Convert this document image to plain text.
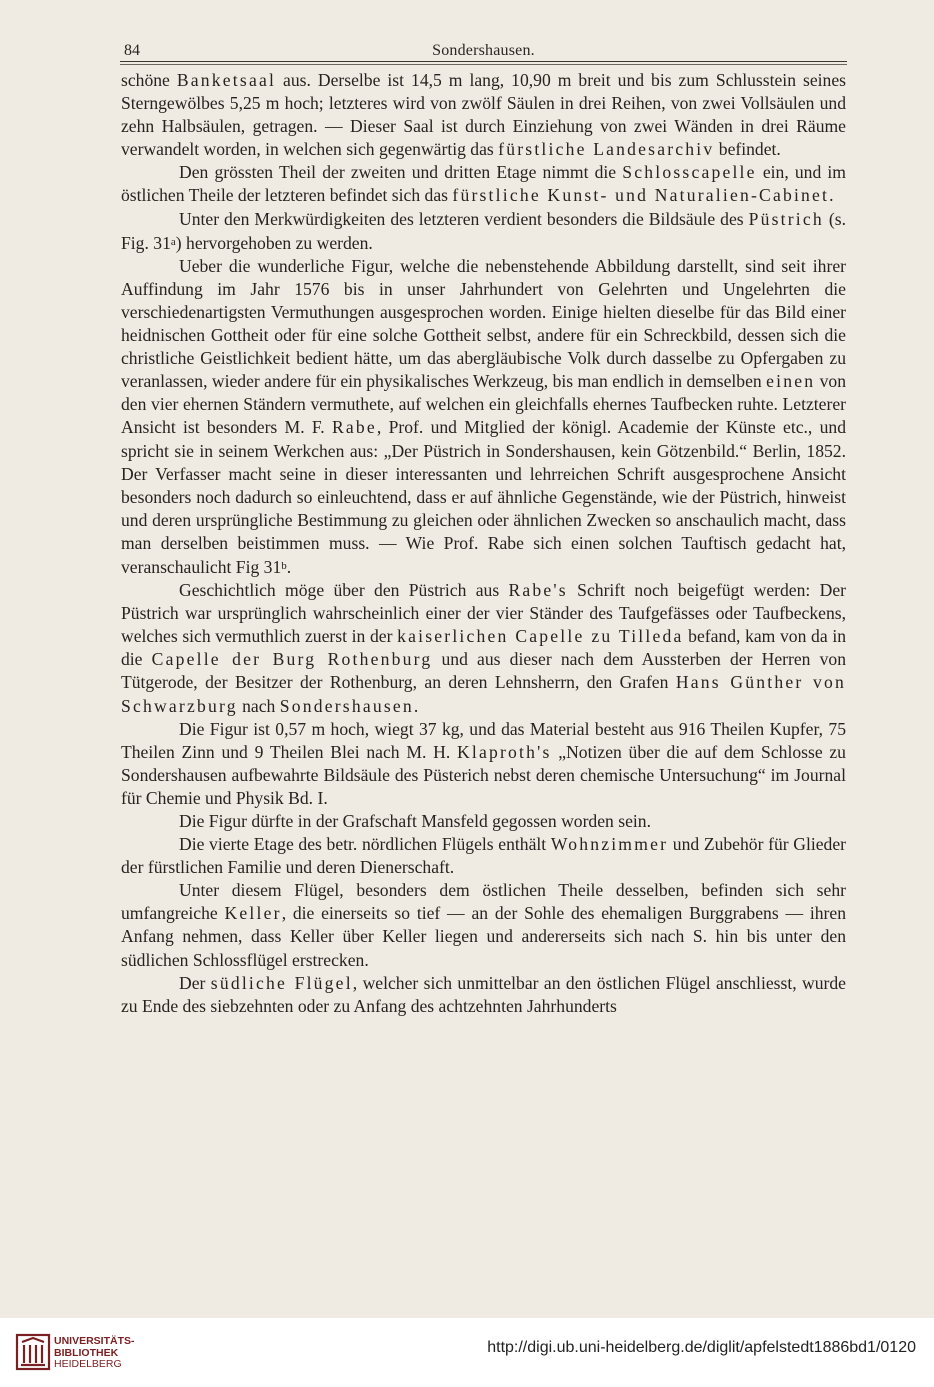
84	Sondershausen.

schöne Banketsaal aus. Derselbe ist 14,5 m lang, 10,90 m breit und bis zum Schlusstein seines Sterngewölbes 5,25 m hoch; letzteres wird von zwölf Säulen in drei Reihen, von zwei Vollsäulen und zehn Halbsäulen, getragen. — Dieser Saal ist durch Einziehung von zwei Wänden in drei Räume verwandelt worden, in welchen sich gegenwärtig das fürstliche Landesarchiv befindet.

Den grössten Theil der zweiten und dritten Etage nimmt die Schlosscapelle ein, und im östlichen Theile der letzteren befindet sich das fürstliche Kunst- und Naturalien-Cabinet.

Unter den Merkwürdigkeiten des letzteren verdient besonders die Bildsäule des Püstrich (s. Fig. 31$^a$) hervorgehoben zu werden.

Ueber die wunderliche Figur, welche die nebenstehende Abbildung darstellt, sind seit ihrer Auffindung im Jahr 1576 bis in unser Jahrhundert von Gelehrten und Ungelehrten die verschiedenartigsten Vermuthungen ausgesprochen worden. Einige hielten dieselbe für das Bild einer heidnischen Gottheit oder für eine solche Gottheit selbst, andere für ein Schreckbild, dessen sich die christliche Geistlichkeit bedient hätte, um das abergläubische Volk durch dasselbe zu Opfergaben zu veranlassen, wieder andere für ein physikalisches Werkzeug, bis man endlich in demselben einen von den vier ehernen Ständern vermuthete, auf welchen ein gleichfalls ehernes Taufbecken ruhte. Letzterer Ansicht ist besonders M. F. Rabe, Prof. und Mitglied der königl. Academie der Künste etc., und spricht sie in seinem Werkchen aus: „Der Püstrich in Sondershausen, kein Götzenbild.“ Berlin, 1852. Der Verfasser macht seine in dieser interessanten und lehrreichen Schrift ausgesprochene Ansicht besonders noch dadurch so einleuchtend, dass er auf ähnliche Gegenstände, wie der Püstrich, hinweist und deren ursprüngliche Bestimmung zu gleichen oder ähnlichen Zwecken so anschaulich macht, dass man derselben beistimmen muss. — Wie Prof. Rabe sich einen solchen Tauftisch gedacht hat, veranschaulicht Fig 31$^b$.

Geschichtlich möge über den Püstrich aus Rabe's Schrift noch beigefügt werden: Der Püstrich war ursprünglich wahrscheinlich einer der vier Ständer des Taufgefässes oder Taufbeckens, welches sich vermuthlich zuerst in der kaiserlichen Capelle zu Tilleda befand, kam von da in die Capelle der Burg Rothenburg und aus dieser nach dem Aussterben der Herren von Tütgerode, der Besitzer der Rothenburg, an deren Lehnsherrn, den Grafen Hans Günther von Schwarzburg nach Sondershausen.

Die Figur ist 0,57 m hoch, wiegt 37 kg, und das Material besteht aus 916 Theilen Kupfer, 75 Theilen Zinn und 9 Theilen Blei nach M. H. Klaproth's „Notizen über die auf dem Schlosse zu Sondershausen aufbewahrte Bildsäule des Püsterich nebst deren chemische Untersuchung“ im Journal für Chemie und Physik Bd. I.

Die Figur dürfte in der Grafschaft Mansfeld gegossen worden sein.

Die vierte Etage des betr. nördlichen Flügels enthält Wohnzimmer und Zubehör für Glieder der fürstlichen Familie und deren Dienerschaft.

Unter diesem Flügel, besonders dem östlichen Theile desselben, befinden sich sehr umfangreiche Keller, die einerseits so tief — an der Sohle des ehemaligen Burggrabens — ihren Anfang nehmen, dass Keller über Keller liegen und andererseits sich nach S. hin bis unter den südlichen Schlossflügel erstrecken.

Der südliche Flügel, welcher sich unmittelbar an den östlichen Flügel anschliesst, wurde zu Ende des siebzehnten oder zu Anfang des achtzehnten Jahrhunderts

UNIVERSITÄTS-
BIBLIOTHEK
HEIDELBERG
http://digi.ub.uni-heidelberg.de/diglit/apfelstedt1886bd1/0120
